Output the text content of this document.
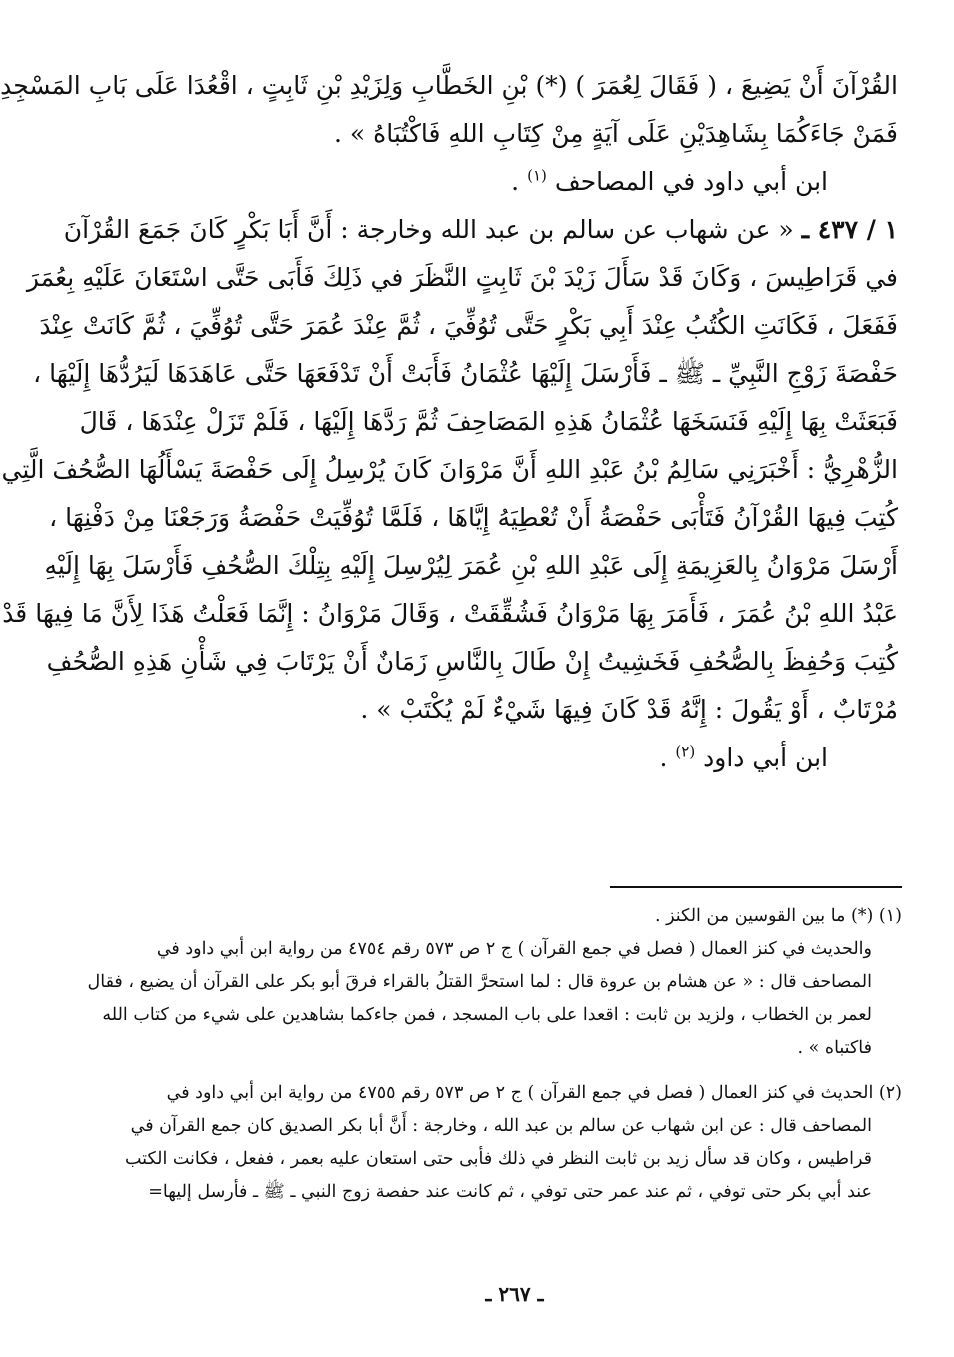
القُرْآنَ أَنْ يَضِيعَ ، ( فَقَالَ لِعُمَرَ ) (*) بْنِ الخَطَّابِ وَلِزَيْدِ بْنِ ثَابِتٍ ، اقْعُدَا عَلَى بَابِ المَسْجِدِ
فَمَنْ جَاءَكُمَا بِشَاهِدَيْنِ عَلَى آيَةٍ مِنْ كِتَابِ اللهِ فَاكْتُبَاهُ » .
ابن أبي داود في المصاحف $^{(١)}$ .
١ / ٤٣٧ ـ « عن شهاب عن سالم بن عبد الله وخارجة : أَنَّ أَبَا بَكْرٍ كَانَ جَمَعَ القُرْآنَ
في قَرَاطِيسَ ، وَكَانَ قَدْ سَأَلَ زَيْدَ بْنَ ثَابِتٍ النَّظَرَ في ذَلِكَ فَأَبَى حَتَّى اسْتَعَانَ عَلَيْهِ بِعُمَرَ
فَفَعَلَ ، فَكَانَتِ الكُتُبُ عِنْدَ أَبِي بَكْرٍ حَتَّى تُوُفِّيَ ، ثُمَّ عِنْدَ عُمَرَ حَتَّى تُوُفِّيَ ، ثُمَّ كَانَتْ عِنْدَ
حَفْصَةَ زَوْجِ النَّبِيِّ ـ ﷺ ـ فَأَرْسَلَ إِلَيْهَا عُثْمَانُ فَأَبَتْ أَنْ تَدْفَعَهَا حَتَّى عَاهَدَهَا لَيَرُدُّهَا إِلَيْهَا ،
فَبَعَثَتْ بِهَا إِلَيْهِ فَنَسَخَهَا عُثْمَانُ هَذِهِ المَصَاحِفَ ثُمَّ رَدَّهَا إِلَيْهَا ، فَلَمْ تَزَلْ عِنْدَهَا ، قَالَ
الزُّهْرِيُّ : أَخْبَرَنِي سَالِمُ بْنُ عَبْدِ اللهِ أَنَّ مَرْوَانَ كَانَ يُرْسِلُ إِلَى حَفْصَةَ يَسْأَلُهَا الصُّحُفَ الَّتِي
كُتِبَ فِيهَا القُرْآنُ فَتَأْبَى حَفْصَةُ أَنْ تُعْطِيَهُ إِيَّاهَا ، فَلَمَّا تُوُفِّيَتْ حَفْصَةُ وَرَجَعْنَا مِنْ دَفْنِهَا ،
أَرْسَلَ مَرْوَانُ بِالعَزِيمَةِ إِلَى عَبْدِ اللهِ بْنِ عُمَرَ لِيُرْسِلَ إِلَيْهِ بِتِلْكَ الصُّحُفِ فَأَرْسَلَ بِهَا إِلَيْهِ
عَبْدُ اللهِ بْنُ عُمَرَ ، فَأَمَرَ بِهَا مَرْوَانُ فَشُقِّقَتْ ، وَقَالَ مَرْوَانُ : إِنَّمَا فَعَلْتُ هَذَا لِأَنَّ مَا فِيهَا قَدْ
كُتِبَ وَحُفِظَ بِالصُّحُفِ فَخَشِيتُ إِنْ طَالَ بِالنَّاسِ زَمَانٌ أَنْ يَرْتَابَ فِي شَأْنِ هَذِهِ الصُّحُفِ
مُرْتَابٌ ، أَوْ يَقُولَ : إِنَّهُ قَدْ كَانَ فِيهَا شَيْءٌ لَمْ يُكْتَبْ » .
ابن أبي داود $^{(٢)}$ .
(١) (*) ما بين القوسين من الكنز .
والحديث في كنز العمال ( فصل في جمع القرآن ) ج ٢ ص ٥٧٣ رقم ٤٧٥٤ من رواية ابن أبي داود في
المصاحف قال : « عن هشام بن عروة قال : لما استحرَّ القتلُ بالقراء فرقَ أبو بكر على القرآن أن يضيع ، فقال
لعمر بن الخطاب ، ولزيد بن ثابت : اقعدا على باب المسجد ، فمن جاءكما بشاهدين على شيء من كتاب الله
فاكتباه » .
(٢) الحديث في كنز العمال ( فصل في جمع القرآن ) ج ٢ ص ٥٧٣ رقم ٤٧٥٥ من رواية ابن أبي داود في
المصاحف قال : عن ابن شهاب عن سالم بن عبد الله ، وخارجة : أَنَّ أبا بكر الصديق كان جمع القرآن في
قراطيس ، وكان قد سأل زيد بن ثابت النظر في ذلك فأبى حتى استعان عليه بعمر ، ففعل ، فكانت الكتب
عند أبي بكر حتى توفي ، ثم عند عمر حتى توفي ، ثم كانت عند حفصة زوج النبي ـ ﷺ ـ فأرسل إليها=
ـ ٢٦٧ ـ
